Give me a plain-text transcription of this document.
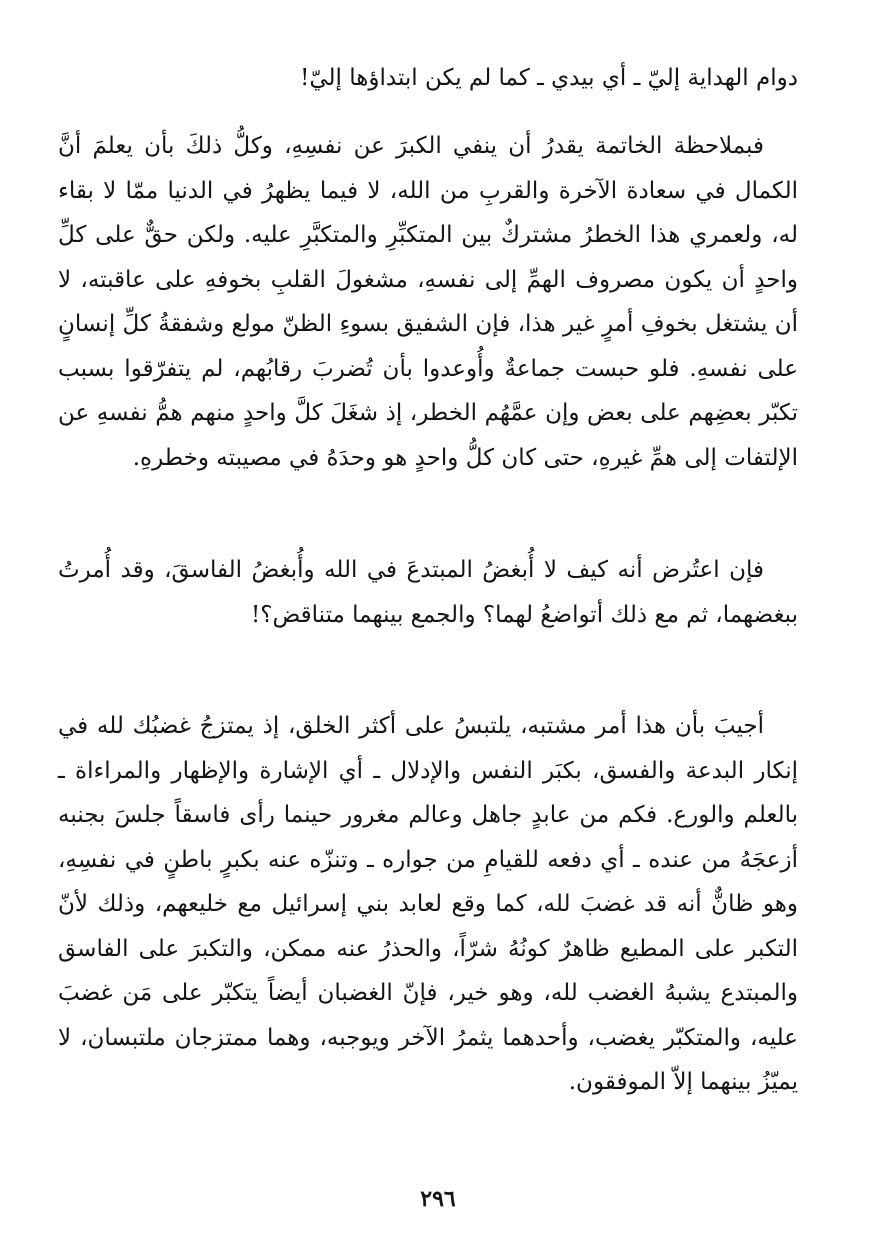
دوام الهداية إليّ ـ أي بيدي ـ كما لم يكن ابتداؤها إليّ!

فبملاحظة الخاتمة يقدرُ أن ينفي الكبرَ عن نفسِهِ، وكلُّ ذلكَ بأن يعلمَ أنَّ الكمال في سعادة الآخرة والقربِ من الله، لا فيما يظهرُ في الدنيا ممّا لا بقاء له، ولعمري هذا الخطرُ مشتركٌ بين المتكبِّرِ والمتكبَّرِ عليه. ولكن حقٌّ على كلِّ واحدٍ أن يكون مصروف الهمِّ إلى نفسهِ، مشغولَ القلبِ بخوفهِ على عاقبته، لا أن يشتغل بخوفِ أمرٍ غير هذا، فإن الشفيق بسوءِ الظنّ مولع وشفقةُ كلِّ إنسانٍ على نفسهِ. فلو حبست جماعةٌ وأُوعدوا بأن تُضربَ رقابُهم، لم يتفرّقوا بسبب تكبّر بعضِهم على بعض وإن عمَّهُم الخطر، إذ شغَلَ كلَّ واحدٍ منهم همُّ نفسهِ عن الإلتفات إلى همِّ غيرهِ، حتى كان كلُّ واحدٍ هو وحدَهُ في مصيبته وخطرهِ.

فإن اعتُرض أنه كيف لا أُبغضُ المبتدعَ في الله وأُبغضُ الفاسقَ، وقد أُمرتُ ببغضهما، ثم مع ذلك أتواضعُ لهما؟ والجمع بينهما متناقض؟!

أجيبَ بأن هذا أمر مشتبه، يلتبسُ على أكثر الخلق، إذ يمتزجُ غضبُك لله في إنكار البدعة والفسق، بكبَر النفس والإدلال ـ أي الإشارة والإظهار والمراءاة ـ بالعلم والورع. فكم من عابدٍ جاهل وعالم مغرور حينما رأى فاسقاً جلسَ بجنبه أزعجَهُ من عنده ـ أي دفعه للقيامِ من جواره ـ وتنزّه عنه بكبرٍ باطنٍ في نفسِهِ، وهو ظانٌّ أنه قد غضبَ لله، كما وقع لعابد بني إسرائيل مع خليعهم، وذلك لأنّ التكبر على المطيع ظاهرٌ كونُهُ شرّاً، والحذرُ عنه ممكن، والتكبرَ على الفاسق والمبتدع يشبهُ الغضب لله، وهو خير، فإنّ الغضبان أيضاً يتكبّر على مَن غضبَ عليه، والمتكبّر يغضب، وأحدهما يثمرُ الآخر ويوجبه، وهما ممتزجان ملتبسان، لا يميّزُ بينهما إلاّ الموفقون.

٢٩٦
